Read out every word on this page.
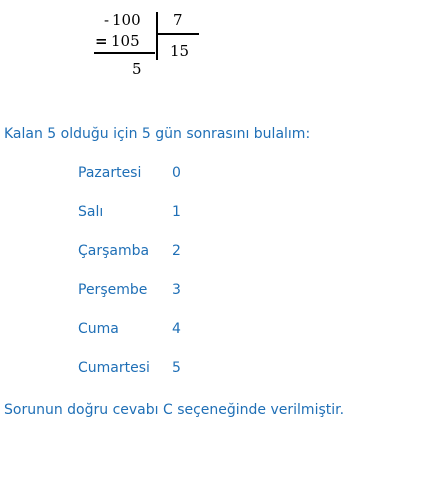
- 100 7
= 105
15
5
Kalan 5 olduğu için 5 gün sonrasını bulalım:
Pazartesi 0
Salı	1
Çarşamba 2
Perşembe 3
Cuma	4
Cumartesi 5
Sorunun doğru cevabı C seçeneğinde verilmiştir.
